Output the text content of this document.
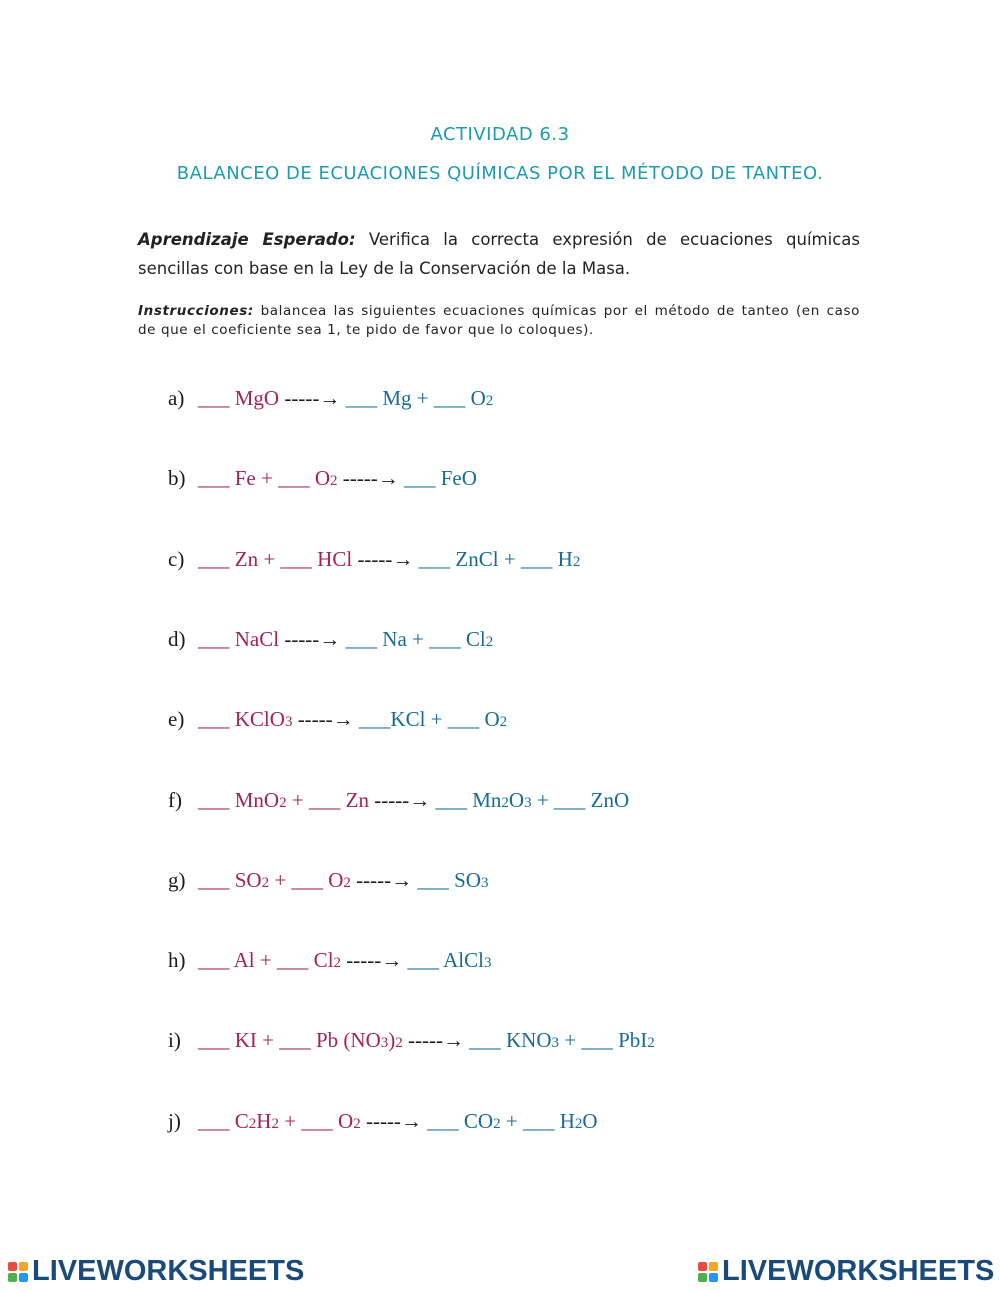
ACTIVIDAD 6.3
BALANCEO DE ECUACIONES QUÍMICAS POR EL MÉTODO DE TANTEO.
Aprendizaje Esperado: Verifica la correcta expresión de ecuaciones químicas sencillas con base en la Ley de la Conservación de la Masa.
Instrucciones: balancea las siguientes ecuaciones químicas por el método de tanteo (en caso de que el coeficiente sea 1, te pido de favor que lo coloques).
a) ___ MgO -----→ ___ Mg + ___ O2
b) ___ Fe + ___ O2 -----→ ___ FeO
c) ___ Zn + ___ HCl -----→ ___ ZnCl + ___ H2
d) ___ NaCl -----→ ___ Na + ___ Cl2
e) ___ KClO3 -----→ ___KCl + ___ O2
f) ___ MnO2 + ___ Zn -----→ ___ Mn2O3 + ___ ZnO
g) ___ SO2 + ___ O2 -----→ ___ SO3
h) ___ Al + ___ Cl2 -----→ ___ AlCl3
i) ___ KI + ___ Pb (NO3)2 -----→ ___ KNO3 + ___ PbI2
j) ___ C2H2 + ___ O2 -----→ ___ CO2 + ___ H2O
LIVEWORKSHEETS	LIVEWORKSHEETS
